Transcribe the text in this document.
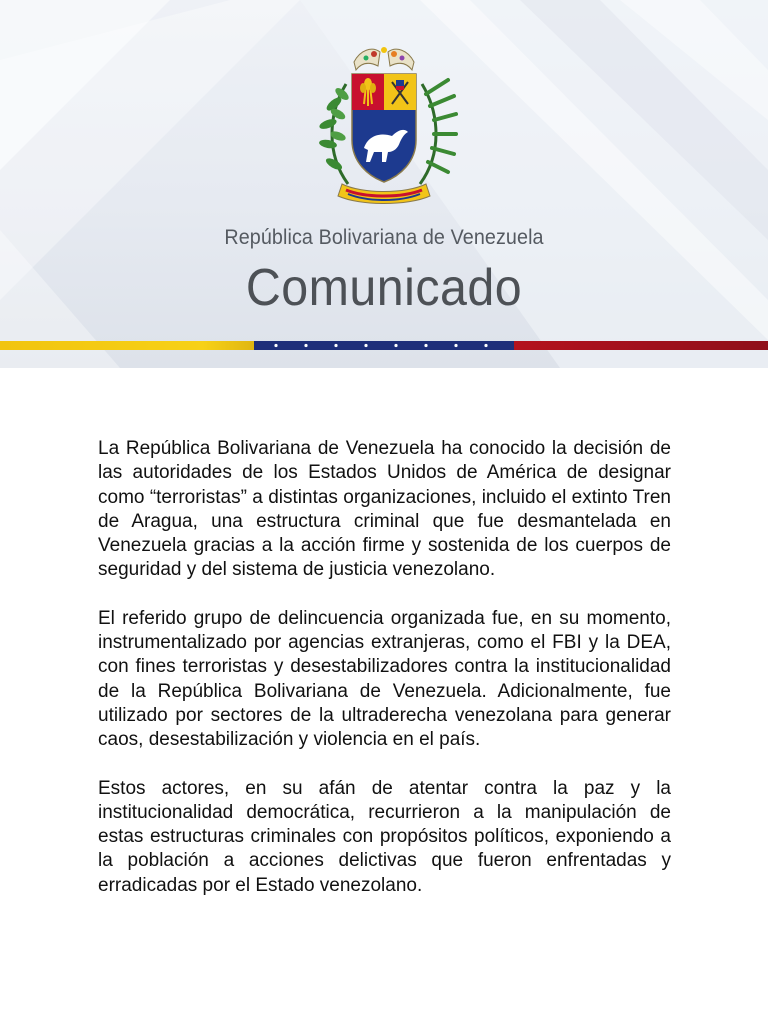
República Bolivariana de Venezuela
Comunicado

La República Bolivariana de Venezuela ha conocido la decisión de las autoridades de los Estados Unidos de América de designar como “terroristas” a distintas organizaciones, incluido el extinto Tren de Aragua, una estructura criminal que fue desmantelada en Venezuela gracias a la acción firme y sostenida de los cuerpos de seguridad y del sistema de justicia venezolano.

El referido grupo de delincuencia organizada fue, en su momento, instrumentalizado por agencias extranjeras, como el FBI y la DEA, con fines terroristas y desestabilizadores contra la institucionalidad de la República Bolivariana de Venezuela. Adicionalmente, fue utilizado por sectores de la ultraderecha venezolana para generar caos, desestabilización y violencia en el país.

Estos actores, en su afán de atentar contra la paz y la institucionalidad democrática, recurrieron a la manipulación de estas estructuras criminales con propósitos políticos, exponiendo a la población a acciones delictivas que fueron enfrentadas y erradicadas por el Estado venezolano.
